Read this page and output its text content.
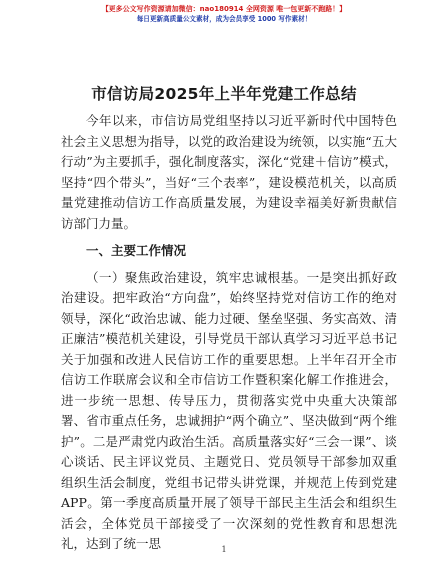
【更多公文写作资源请加微信：nao180914 全网资源 唯一包更新不跑路！】
每日更新高质量公文素材，成为会员享受 1000 写作素材！
市信访局2025年上半年党建工作总结

今年以来，市信访局党组坚持以习近平新时代中国特色社会主义思想为指导，以党的政治建设为统领，以实施“五大行动”为主要抓手，强化制度落实，深化“党建＋信访”模式，坚持“四个带头”，当好“三个表率”，建设模范机关，以高质量党建推动信访工作高质量发展，为建设幸福美好新贵献信访部门力量。

一、主要工作情况

（一）聚焦政治建设，筑牢忠诚根基。一是突出抓好政治建设。把牢政治“方向盘”，始终坚持党对信访工作的绝对领导，深化“政治忠诚、能力过硬、堡垒坚强、务实高效、清正廉洁”模范机关建设，引导党员干部认真学习习近平总书记关于加强和改进人民信访工作的重要思想。上半年召开全市信访工作联席会议和全市信访工作暨积案化解工作推进会，进一步统一思想、传导压力，贯彻落实党中央重大决策部署、省市重点任务，忠诚拥护“两个确立”、坚决做到“两个维护”。二是严肃党内政治生活。高质量落实好“三会一课”、谈心谈话、民主评议党员、主题党日、党员领导干部参加双重组织生活会制度，党组书记带头讲党课，并规范上传到党建APP。第一季度高质量开展了领导干部民主生活会和组织生活会，全体党员干部接受了一次深刻的党性教育和思想洗礼，达到了统一思	1
